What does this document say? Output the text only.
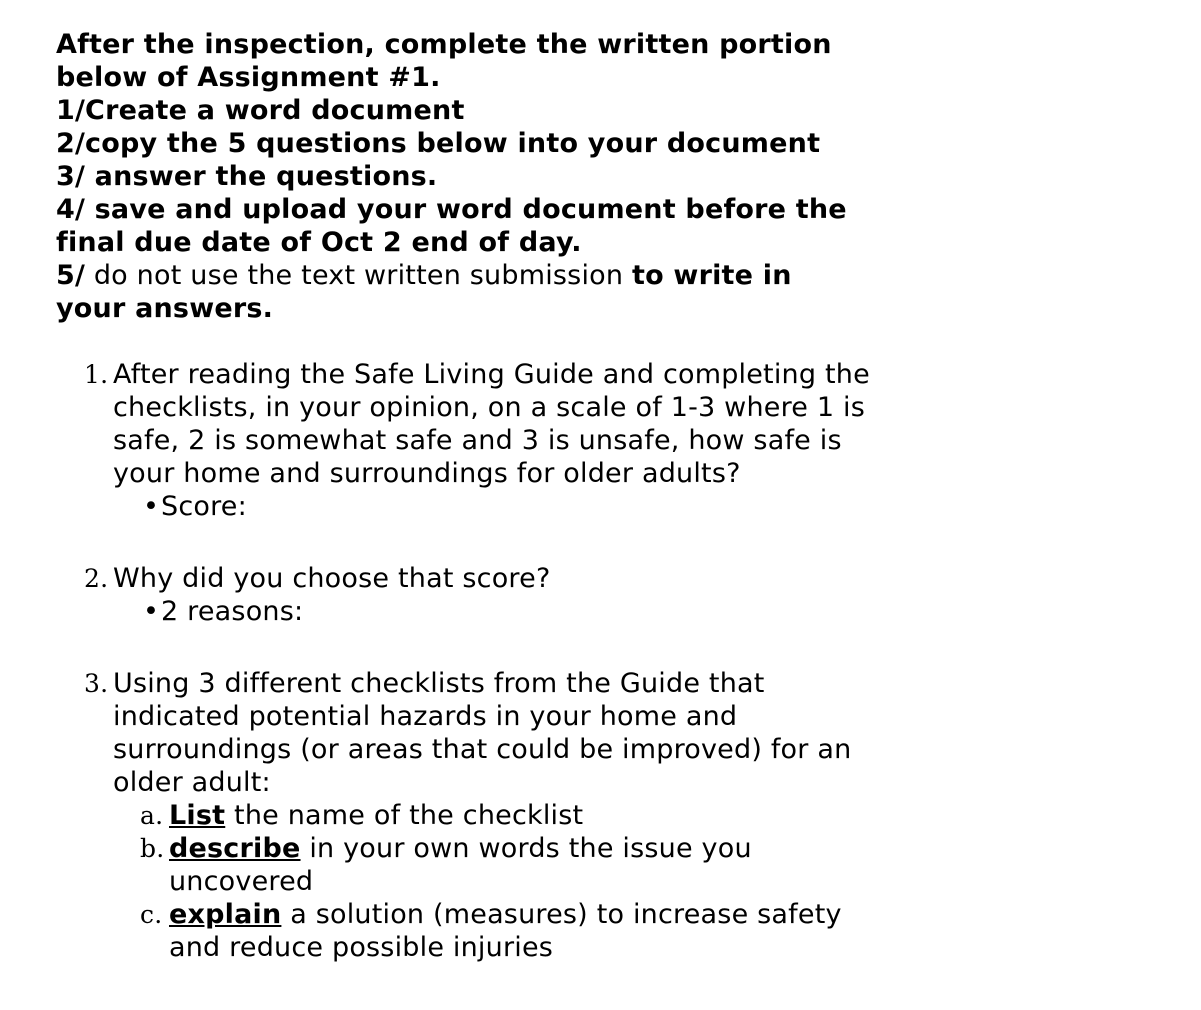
After the inspection, complete the written portion
below of Assignment #1.
1/Create a word document
2/copy the 5 questions below into your document
3/ answer the questions.
4/ save and upload your word document before the
final due date of Oct 2 end of day.
5/ do not use the text written submission to write in
your answers.
1. After reading the Safe Living Guide and completing the
checklists, in your opinion, on a scale of 1-3 where 1 is
safe, 2 is somewhat safe and 3 is unsafe, how safe is
your home and surroundings for older adults?
•Score:
2. Why did you choose that score?
•2 reasons:
3. Using 3 different checklists from the Guide that
indicated potential hazards in your home and
surroundings (or areas that could be improved) for an
older adult:
a. List the name of the checklist
b. describe in your own words the issue you
uncovered
c. explain a solution (measures) to increase safety
and reduce possible injuries
